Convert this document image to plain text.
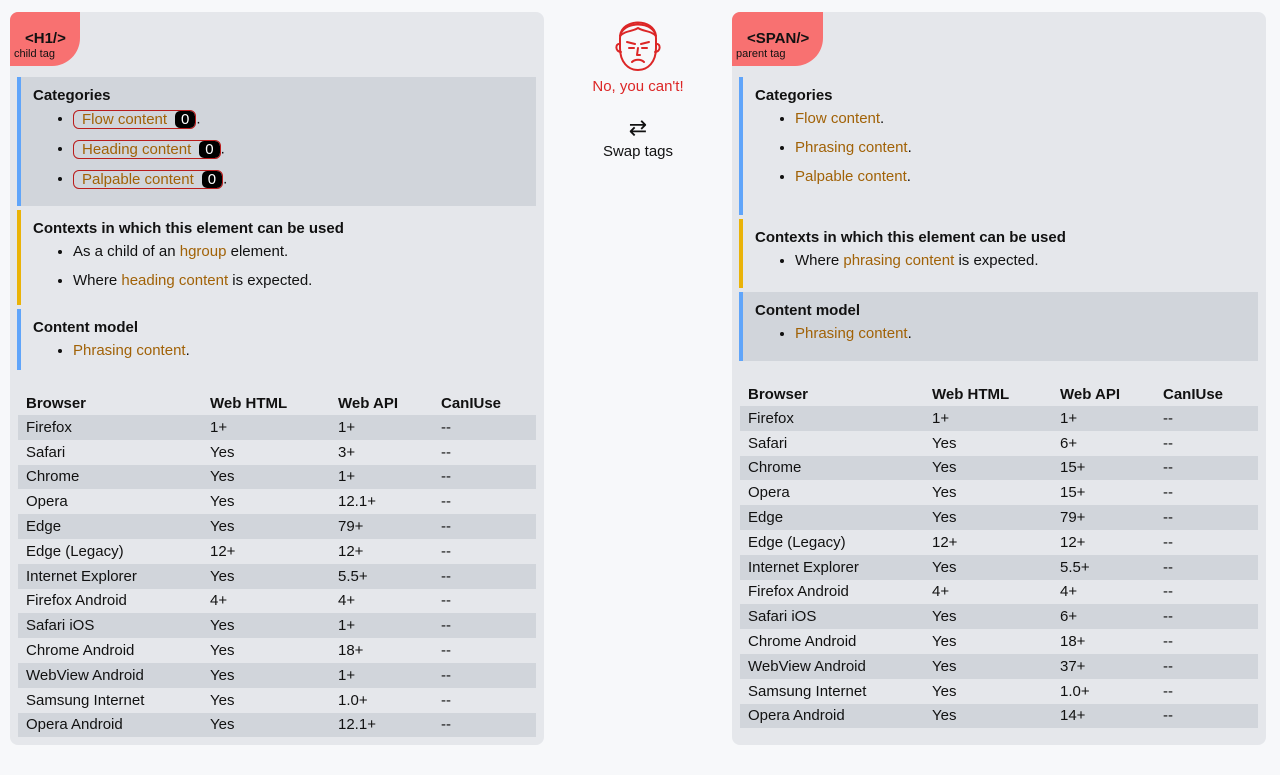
<H1/>
child tag
Categories
• Flow content 0 .
• Heading content 0 .
• Palpable content 0 .
Contexts in which this element can be used
• As a child of an hgroup element.
• Where heading content is expected.
Content model
• Phrasing content.
Browser	Web HTML	Web API	CanIUse
Firefox	1+	1+	--
Safari	Yes	3+	--
Chrome	Yes	1+	--
Opera	Yes	12.1+	--
Edge	Yes	79+	--
Edge (Legacy)	12+	12+	--
Internet Explorer	Yes	5.5+	--
Firefox Android	4+	4+	--
Safari iOS	Yes	1+	--
Chrome Android	Yes	18+	--
WebView Android	Yes	1+	--
Samsung Internet	Yes	1.0+	--
Opera Android	Yes	12.1+	--
No, you can't!
⇄
Swap tags
<SPAN/>
parent tag
Categories
• Flow content.
• Phrasing content.
• Palpable content.
Contexts in which this element can be used
• Where phrasing content is expected.
Content model
• Phrasing content.
Browser	Web HTML	Web API	CanIUse
Firefox	1+	1+	--
Safari	Yes	6+	--
Chrome	Yes	15+	--
Opera	Yes	15+	--
Edge	Yes	79+	--
Edge (Legacy)	12+	12+	--
Internet Explorer	Yes	5.5+	--
Firefox Android	4+	4+	--
Safari iOS	Yes	6+	--
Chrome Android	Yes	18+	--
WebView Android	Yes	37+	--
Samsung Internet	Yes	1.0+	--
Opera Android	Yes	14+	--
